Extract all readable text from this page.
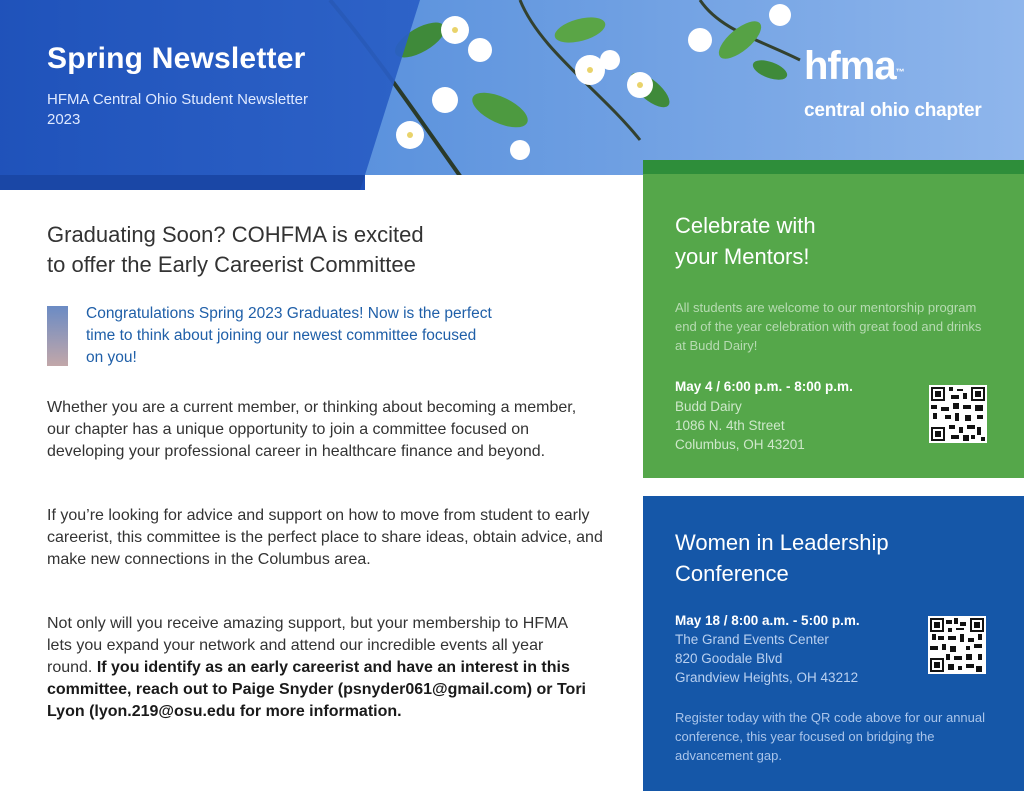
Spring Newsletter
HFMA Central Ohio Student Newsletter
2023
hfma™
central ohio chapter
Graduating Soon? COHFMA is excited
to offer the Early Careerist Committee
Congratulations Spring 2023 Graduates! Now is the perfect time to think about joining our newest committee focused on you!

Whether you are a current member, or thinking about becoming a member, our chapter has a unique opportunity to join a committee focused on developing your professional career in healthcare finance and beyond.

If you’re looking for advice and support on how to move from student to early careerist, this committee is the perfect place to share ideas, obtain advice, and make new connections in the Columbus area.

Not only will you receive amazing support, but your membership to HFMA lets you expand your network and attend our incredible events all year round. If you identify as an early careerist and have an interest in this committee, reach out to Paige Snyder (psnyder061@gmail.com) or Tori Lyon (lyon.219@osu.edu for more information.

Celebrate with
your Mentors!
All students are welcome to our mentorship program end of the year celebration with great food and drinks at Budd Dairy!
May 4 / 6:00 p.m. - 8:00 p.m.
Budd Dairy
1086 N. 4th Street
Columbus, OH 43201
Women in Leadership
Conference
May 18 / 8:00 a.m. - 5:00 p.m.
The Grand Events Center
820 Goodale Blvd
Grandview Heights, OH 43212
Register today with the QR code above for our annual conference, this year focused on bridging the advancement gap.
